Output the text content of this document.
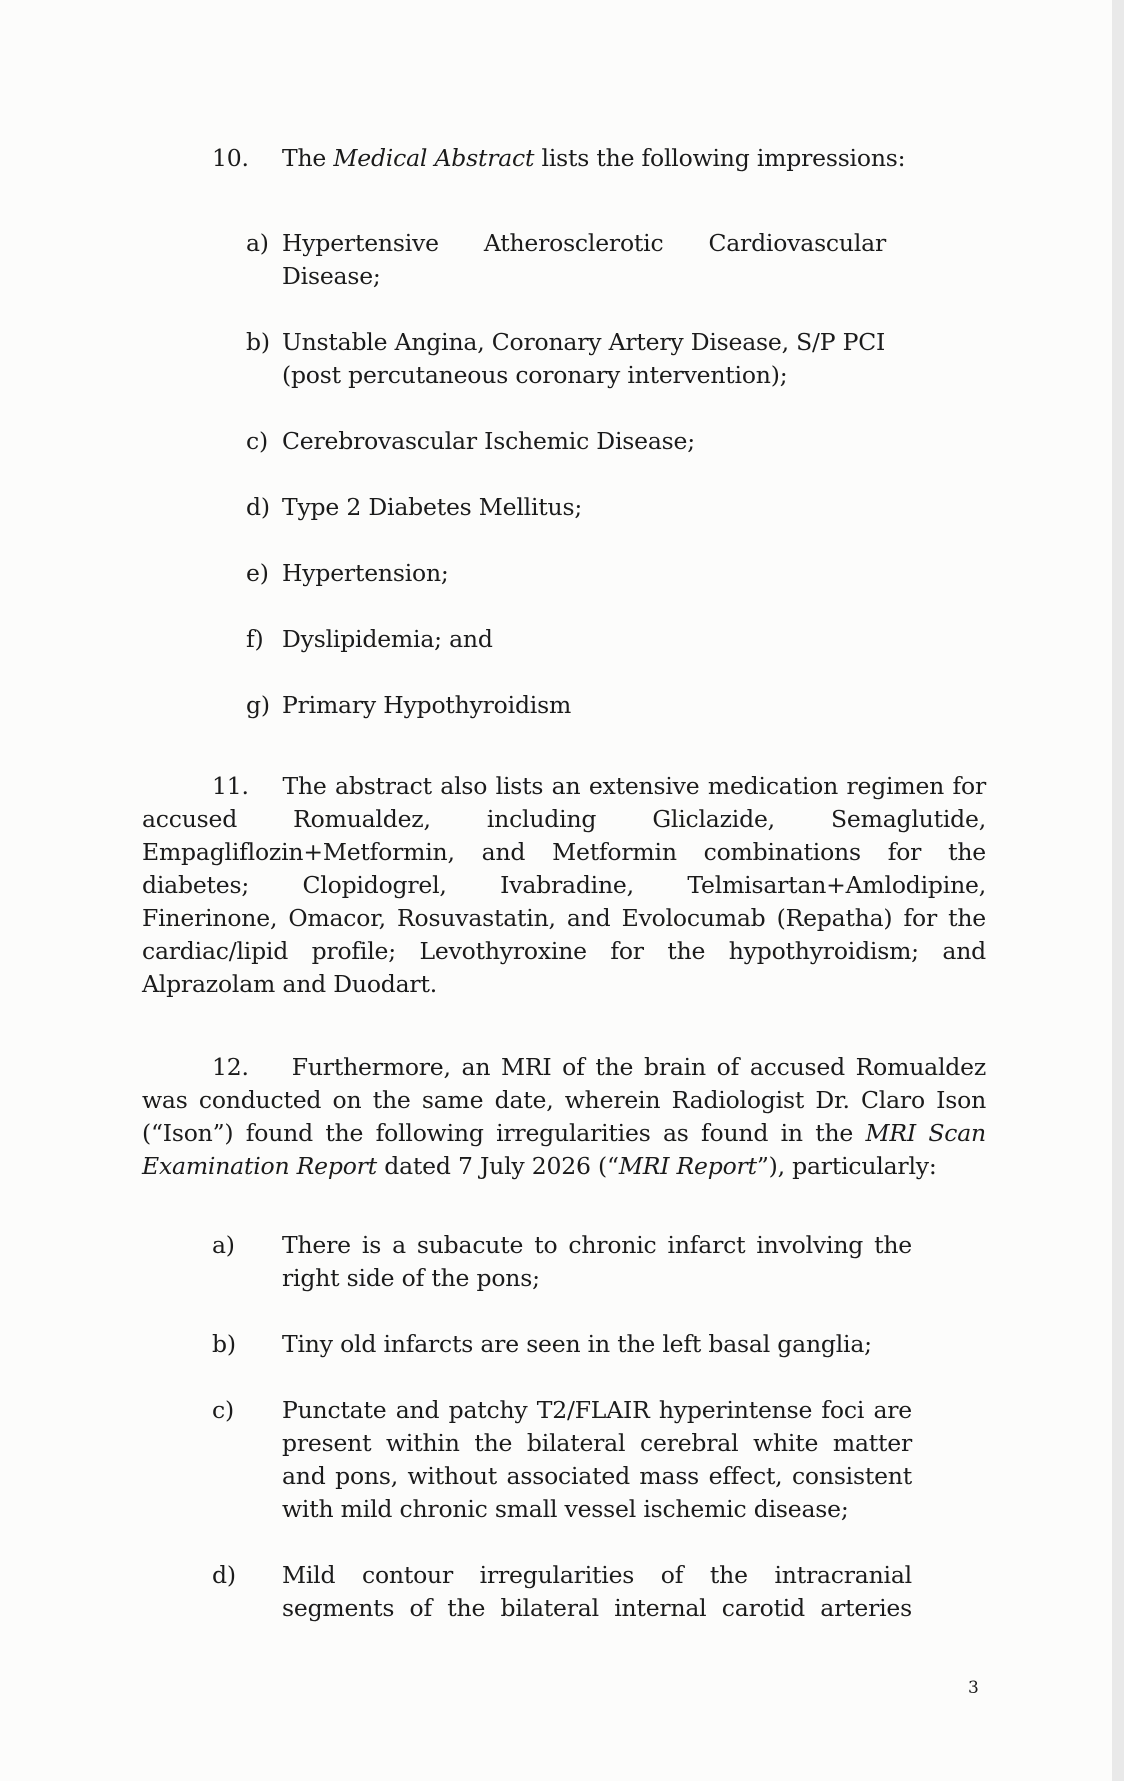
10. The Medical Abstract lists the following impressions:
a) Hypertensive Atherosclerotic Cardiovascular Disease;
b) Unstable Angina, Coronary Artery Disease, S/P PCI (post percutaneous coronary intervention);
c) Cerebrovascular Ischemic Disease;
d) Type 2 Diabetes Mellitus;
e) Hypertension;
f) Dyslipidemia; and
g) Primary Hypothyroidism
11. The abstract also lists an extensive medication regimen for accused Romualdez, including Gliclazide, Semaglutide, Empagliflozin+Metformin, and Metformin combinations for the diabetes; Clopidogrel, Ivabradine, Telmisartan+Amlodipine, Finerinone, Omacor, Rosuvastatin, and Evolocumab (Repatha) for the cardiac/lipid profile; Levothyroxine for the hypothyroidism; and Alprazolam and Duodart.
12. Furthermore, an MRI of the brain of accused Romualdez was conducted on the same date, wherein Radiologist Dr. Claro Ison (“Ison”) found the following irregularities as found in the MRI Scan Examination Report dated 7 July 2026 (“MRI Report”), particularly:
a)	There is a subacute to chronic infarct involving the right side of the pons;
b)	Tiny old infarcts are seen in the left basal ganglia;
c)	Punctate and patchy T2/FLAIR hyperintense foci are present within the bilateral cerebral white matter and pons, without associated mass effect, consistent with mild chronic small vessel ischemic disease;
d)	Mild contour irregularities of the intracranial segments of the bilateral internal carotid arteries
3
